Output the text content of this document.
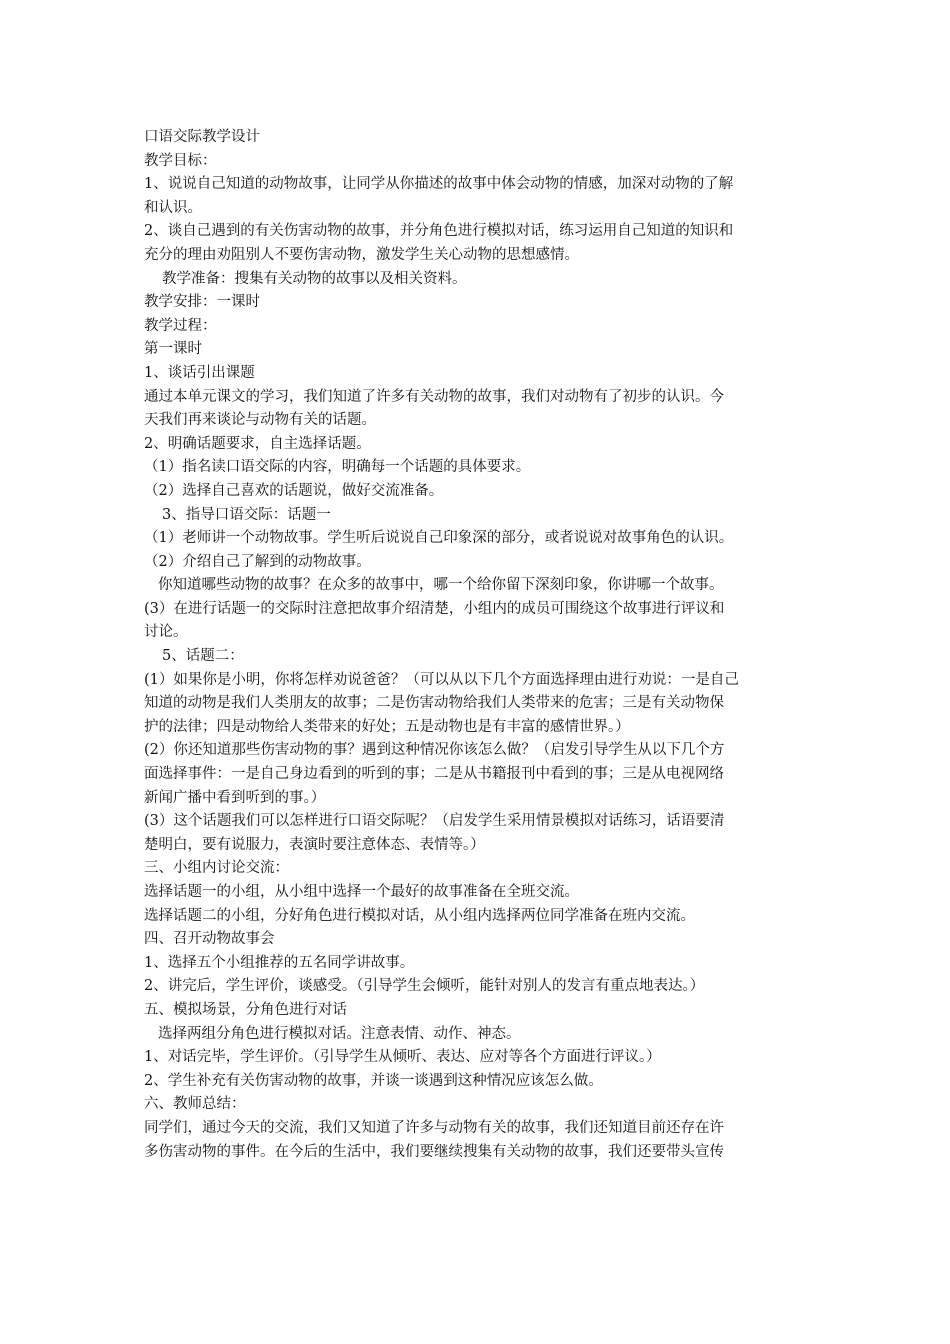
口语交际教学设计
教学目标：
1、说说自己知道的动物故事，让同学从你描述的故事中体会动物的情感，加深对动物的了解
和认识。
2、谈自己遇到的有关伤害动物的故事，并分角色进行模拟对话，练习运用自己知道的知识和
充分的理由劝阻别人不要伤害动物，激发学生关心动物的思想感情。
教学准备：搜集有关动物的故事以及相关资料。
教学安排：一课时
教学过程：
第一课时
1、谈话引出课题
通过本单元课文的学习，我们知道了许多有关动物的故事，我们对动物有了初步的认识。今
天我们再来谈论与动物有关的话题。
2、明确话题要求，自主选择话题。
（1）指名读口语交际的内容，明确每一个话题的具体要求。
（2）选择自己喜欢的话题说，做好交流准备。
3、指导口语交际：话题一
（1）老师讲一个动物故事。学生听后说说自己印象深的部分，或者说说对故事角色的认识。
（2）介绍自己了解到的动物故事。
你知道哪些动物的故事？在众多的故事中，哪一个给你留下深刻印象，你讲哪一个故事。
(3）在进行话题一的交际时注意把故事介绍清楚，小组内的成员可围绕这个故事进行评议和
讨论。
5、话题二：
(1）如果你是小明，你将怎样劝说爸爸？（可以从以下几个方面选择理由进行劝说：一是自己
知道的动物是我们人类朋友的故事；二是伤害动物给我们人类带来的危害；三是有关动物保
护的法律；四是动物给人类带来的好处；五是动物也是有丰富的感情世界。）
(2）你还知道那些伤害动物的事？遇到这种情况你该怎么做？（启发引导学生从以下几个方
面选择事件：一是自己身边看到的听到的事；二是从书籍报刊中看到的事；三是从电视网络
新闻广播中看到听到的事。）
(3）这个话题我们可以怎样进行口语交际呢？（启发学生采用情景模拟对话练习，话语要清
楚明白，要有说服力，表演时要注意体态、表情等。）
三、小组内讨论交流：
选择话题一的小组，从小组中选择一个最好的故事准备在全班交流。
选择话题二的小组，分好角色进行模拟对话，从小组内选择两位同学准备在班内交流。
四、召开动物故事会
1、选择五个小组推荐的五名同学讲故事。
2、讲完后，学生评价，谈感受。（引导学生会倾听，能针对别人的发言有重点地表达。）
五、模拟场景，分角色进行对话
选择两组分角色进行模拟对话。注意表情、动作、神态。
1、对话完毕，学生评价。（引导学生从倾听、表达、应对等各个方面进行评议。）
2、学生补充有关伤害动物的故事，并谈一谈遇到这种情况应该怎么做。
六、教师总结：
同学们，通过今天的交流，我们又知道了许多与动物有关的故事，我们还知道目前还存在许
多伤害动物的事件。在今后的生活中，我们要继续搜集有关动物的故事，我们还要带头宣传
